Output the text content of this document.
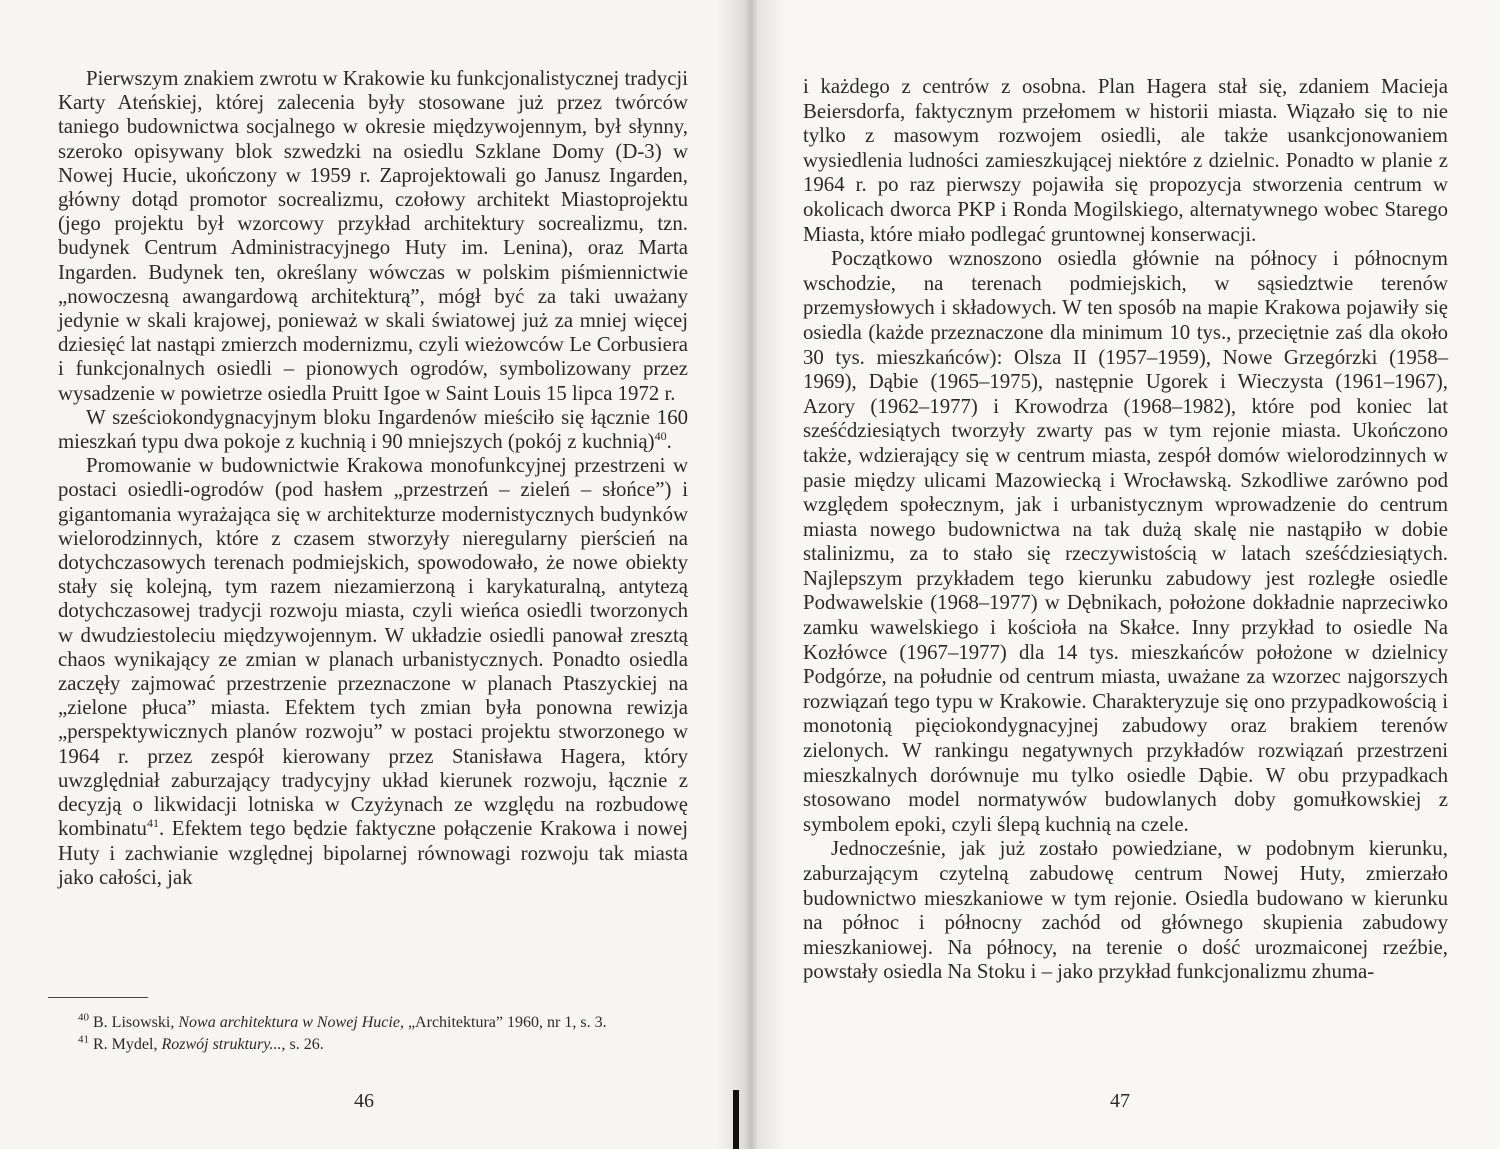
Pierwszym znakiem zwrotu w Krakowie ku funkcjonalistycznej tradycji Karty Ateńskiej, której zalecenia były stosowane już przez twórców taniego budownictwa socjalnego w okresie międzywojennym, był słynny, szeroko opisywany blok szwedzki na osiedlu Szklane Domy (D-3) w Nowej Hucie, ukończony w 1959 r. Zaprojektowali go Janusz Ingarden, główny dotąd promotor socrealizmu, czołowy architekt Miastoprojektu (jego projektu był wzorcowy przykład architektury socrealizmu, tzn. budynek Centrum Administracyjnego Huty im. Lenina), oraz Marta Ingarden. Budynek ten, określany wówczas w polskim piśmiennictwie „nowoczesną awangardową architekturą”, mógł być za taki uważany jedynie w skali krajowej, ponieważ w skali światowej już za mniej więcej dziesięć lat nastąpi zmierzch modernizmu, czyli wieżowców Le Corbusiera i funkcjonalnych osiedli – pionowych ogrodów, symbolizowany przez wysadzenie w powietrze osiedla Pruitt Igoe w Saint Louis 15 lipca 1972 r.

W sześciokondygnacyjnym bloku Ingardenów mieściło się łącznie 160 mieszkań typu dwa pokoje z kuchnią i 90 mniejszych (pokój z kuchnią)$^{40}$.

Promowanie w budownictwie Krakowa monofunkcyjnej przestrzeni w postaci osiedli-ogrodów (pod hasłem „przestrzeń – zieleń – słońce”) i gigantomania wyrażająca się w architekturze modernistycznych budynków wielorodzinnych, które z czasem stworzyły nieregularny pierścień na dotychczasowych terenach podmiejskich, spowodowało, że nowe obiekty stały się kolejną, tym razem niezamierzoną i karykaturalną, antytezą dotychczasowej tradycji rozwoju miasta, czyli wieńca osiedli tworzonych w dwudziestoleciu międzywojennym. W układzie osiedli panował zresztą chaos wynikający ze zmian w planach urbanistycznych. Ponadto osiedla zaczęły zajmować przestrzenie przeznaczone w planach Ptaszyckiej na „zielone płuca” miasta. Efektem tych zmian była ponowna rewizja „perspektywicznych planów rozwoju” w postaci projektu stworzonego w 1964 r. przez zespół kierowany przez Stanisława Hagera, który uwzględniał zaburzający tradycyjny układ kierunek rozwoju, łącznie z decyzją o likwidacji lotniska w Czyżynach ze względu na rozbudowę kombinatu$^{41}$. Efektem tego będzie faktyczne połączenie Krakowa i nowej Huty i zachwianie względnej bipolarnej równowagi rozwoju tak miasta jako całości, jak

$^{40}$ B. Lisowski, Nowa architektura w Nowej Hucie, „Architektura” 1960, nr 1, s. 3.
$^{41}$ R. Mydel, Rozwój struktury..., s. 26.
46	47

i każdego z centrów z osobna. Plan Hagera stał się, zdaniem Macieja Beiersdorfa, faktycznym przełomem w historii miasta. Wiązało się to nie tylko z masowym rozwojem osiedli, ale także usankcjonowaniem wysiedlenia ludności zamieszkującej niektóre z dzielnic. Ponadto w planie z 1964 r. po raz pierwszy pojawiła się propozycja stworzenia centrum w okolicach dworca PKP i Ronda Mogilskiego, alternatywnego wobec Starego Miasta, które miało podlegać gruntownej konserwacji.

Początkowo wznoszono osiedla głównie na północy i północnym wschodzie, na terenach podmiejskich, w sąsiedztwie terenów przemysłowych i składowych. W ten sposób na mapie Krakowa pojawiły się osiedla (każde przeznaczone dla minimum 10 tys., przeciętnie zaś dla około 30 tys. mieszkańców): Olsza II (1957–1959), Nowe Grzegórzki (1958–1969), Dąbie (1965–1975), następnie Ugorek i Wieczysta (1961–1967), Azory (1962–1977) i Krowodrza (1968–1982), które pod koniec lat sześćdziesiątych tworzyły zwarty pas w tym rejonie miasta. Ukończono także, wdzierający się w centrum miasta, zespół domów wielorodzinnych w pasie między ulicami Mazowiecką i Wrocławską. Szkodliwe zarówno pod względem społecznym, jak i urbanistycznym wprowadzenie do centrum miasta nowego budownictwa na tak dużą skalę nie nastąpiło w dobie stalinizmu, za to stało się rzeczywistością w latach sześćdziesiątych. Najlepszym przykładem tego kierunku zabudowy jest rozległe osiedle Podwawelskie (1968–1977) w Dębnikach, położone dokładnie naprzeciwko zamku wawelskiego i kościoła na Skałce. Inny przykład to osiedle Na Kozłówce (1967–1977) dla 14 tys. mieszkańców położone w dzielnicy Podgórze, na południe od centrum miasta, uważane za wzorzec najgorszych rozwiązań tego typu w Krakowie. Charakteryzuje się ono przypadkowością i monotonią pięciokondygnacyjnej zabudowy oraz brakiem terenów zielonych. W rankingu negatywnych przykładów rozwiązań przestrzeni mieszkalnych dorównuje mu tylko osiedle Dąbie. W obu przypadkach stosowano model normatywów budowlanych doby gomułkowskiej z symbolem epoki, czyli ślepą kuchnią na czele.

Jednocześnie, jak już zostało powiedziane, w podobnym kierunku, zaburzającym czytelną zabudowę centrum Nowej Huty, zmierzało budownictwo mieszkaniowe w tym rejonie. Osiedla budowano w kierunku na północ i północny zachód od głównego skupienia zabudowy mieszkaniowej. Na północy, na terenie o dość urozmaiconej rzeźbie, powstały osiedla Na Stoku i – jako przykład funkcjonalizmu zhuma-
